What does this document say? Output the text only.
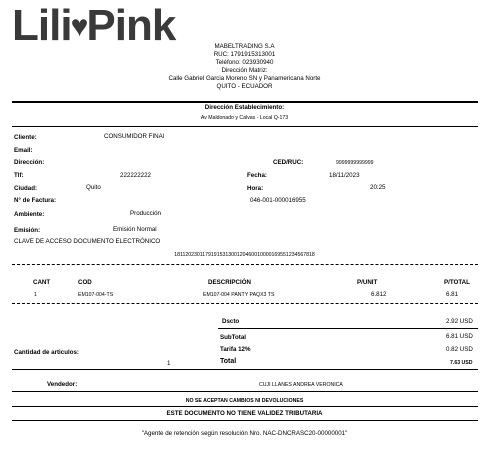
Lili♥Pink	MABELTRADING S.A
RUC: 1791915313001
Teléfono: 023930940
Dirección Matriz:
Calle Gabriel Garcia Moreno SN y Panamericana Norte
QUITO - ECUADOR
Dirección Establecimiento:
Av Maldonado y Calvas - Local Q-173
Cliente:	CONSUMIDOR FINAl
Email:
Dirección:	CED/RUC:	9999999999999
Tlf:	222222222	Fecha:	18/11/2023
Ciudad:	Quito	Hora:	20:25
N° de Factura:	046-001-000016955
Ambiente:	Producción
Emisión:	Emisión Normal
CLAVE DE ACCESO DOCUMENTO ELECTRÓNICO
1811202301179191531300120460010000169551234567818
CANT	COD	DESCRIPCIÓN	P/UNIT	P/TOTAL
1	EM107-004-TS	EM107-004 PANTY PAQX3 TS	6.812	6.81
Dscto	2.92 USD
SubTotal	6.81 USD
Cantidad de articulos:	Tarifa 12%	0.82 USD
1	Total	7.63 USD
Vendedor:	CUJI LLANES ANDREA VERONICA
NO SE ACEPTAN CAMBIOS NI DEVOLUCIONES
ESTE DOCUMENTO NO TIENE VALIDEZ TRIBUTARIA
"Agente de retención según resolución Nro. NAC-DNCRASC20-00000001"
